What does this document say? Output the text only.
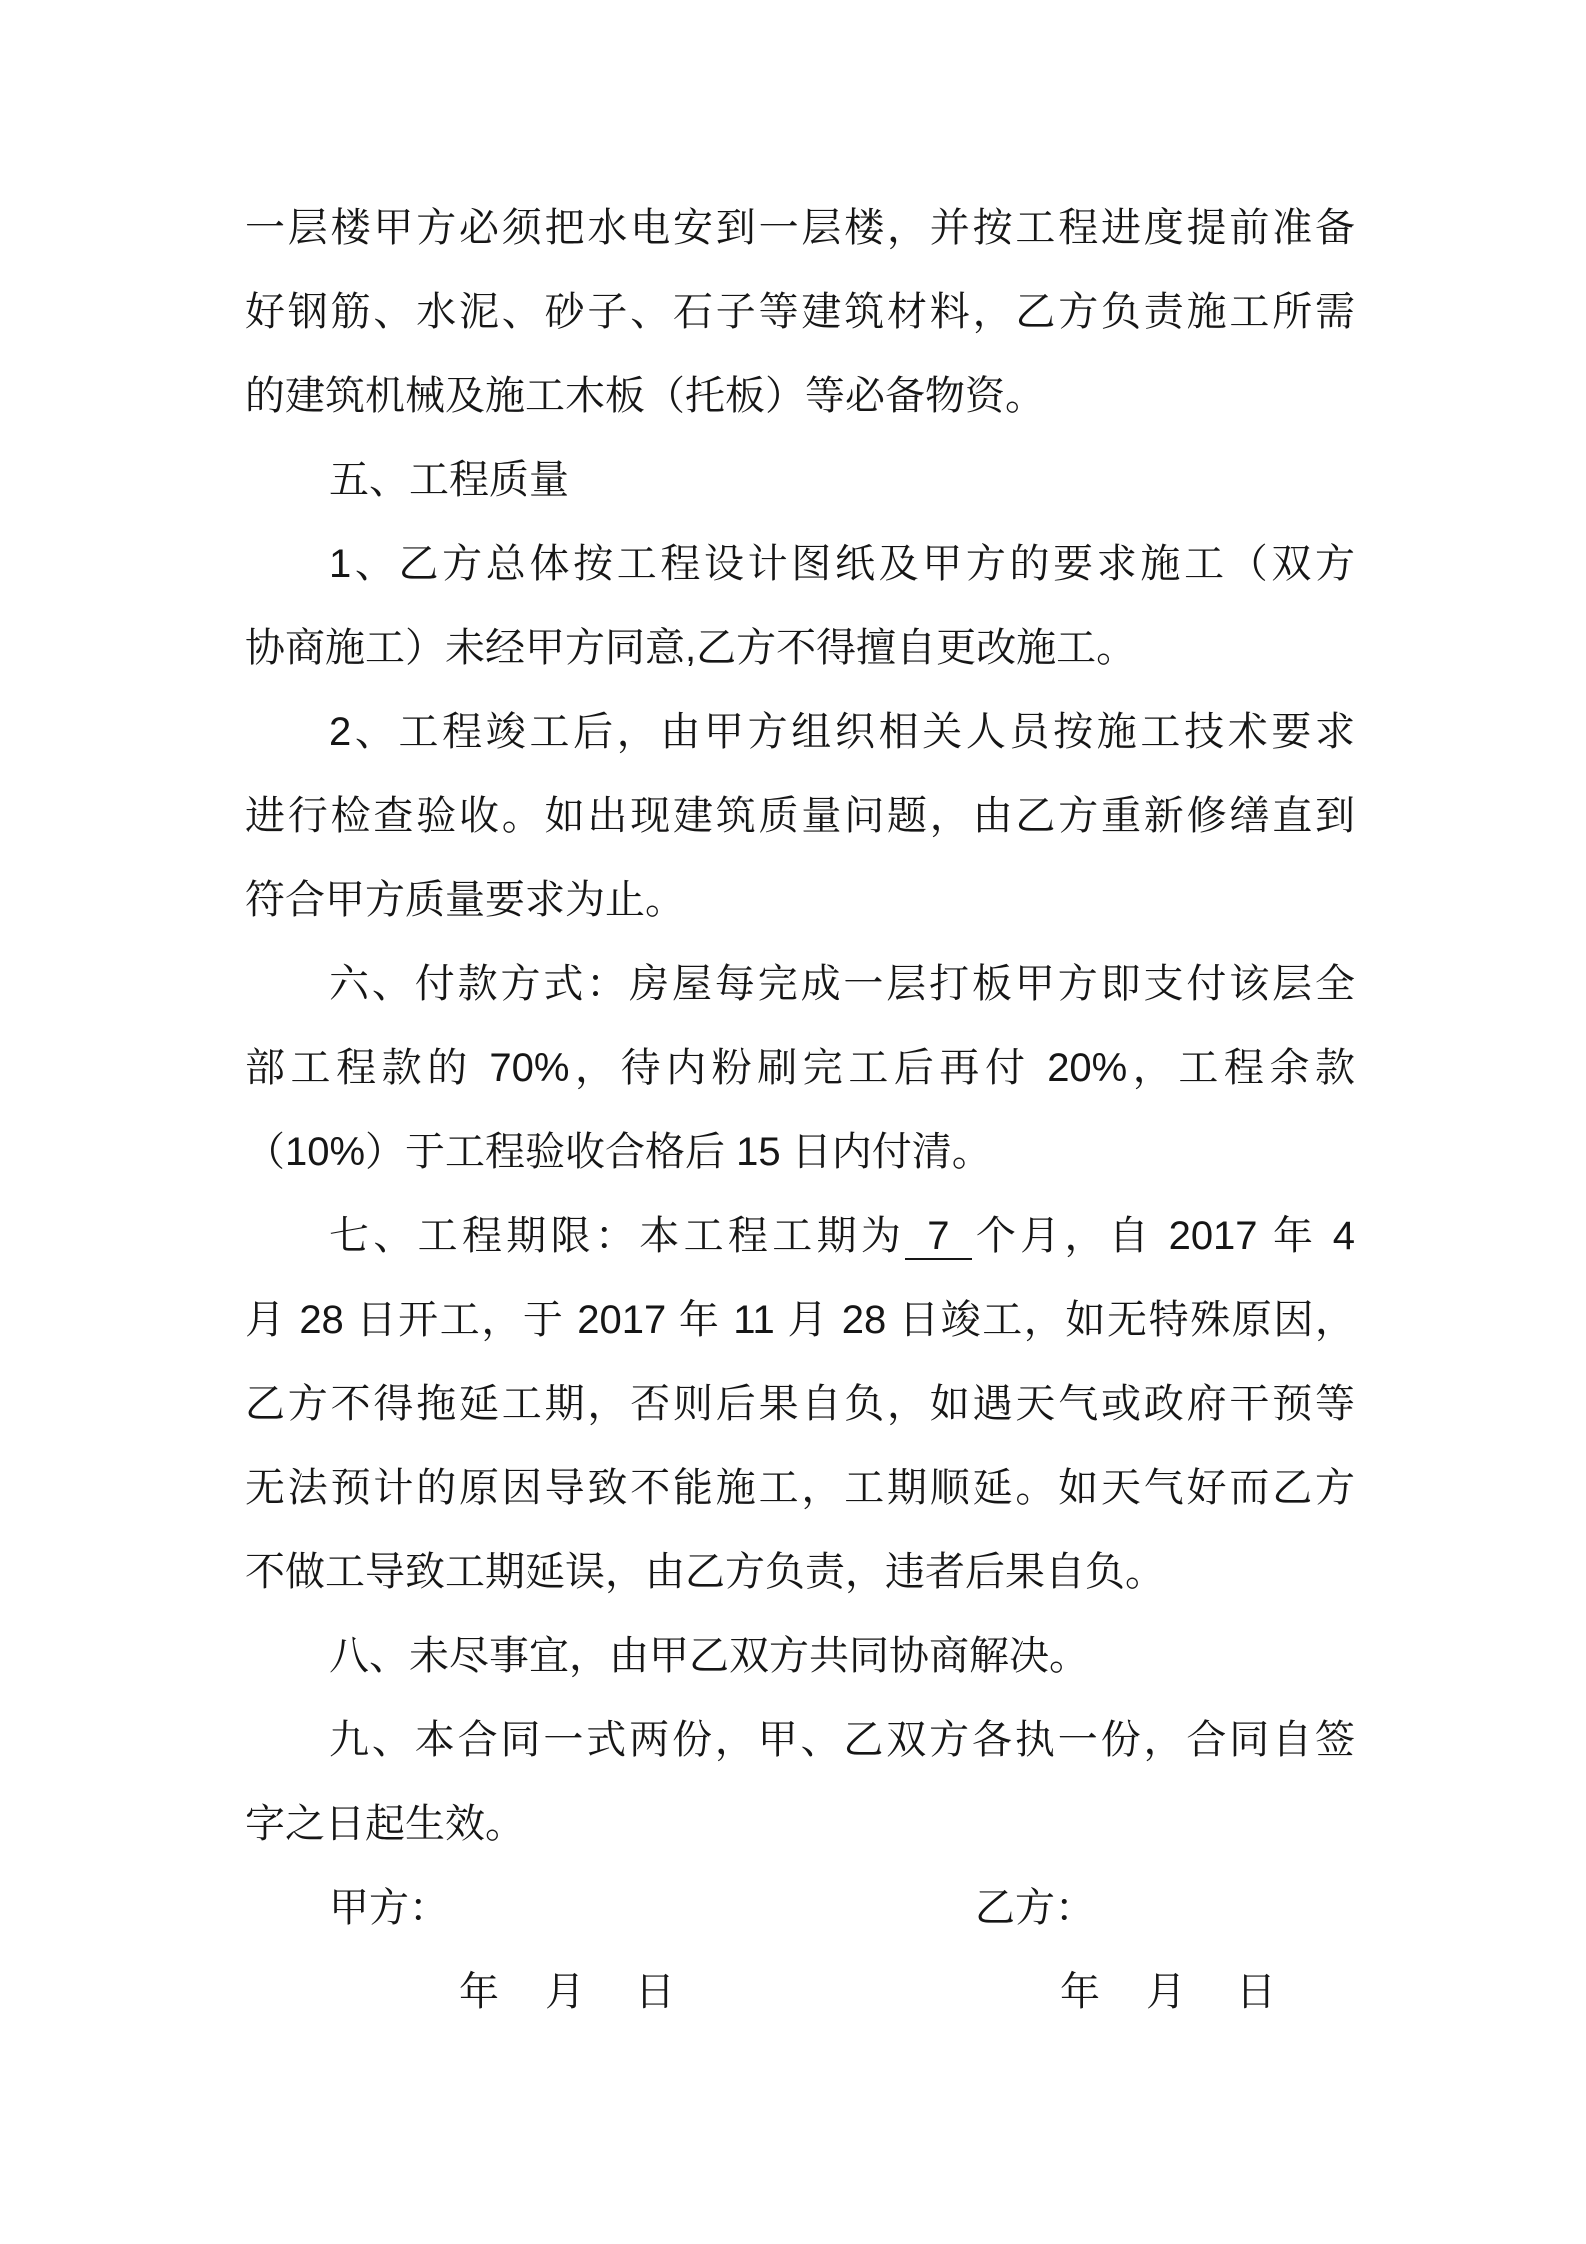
一层楼甲方必须把水电安到一层楼，并按工程进度提前准备
好钢筋、水泥、砂子、石子等建筑材料，乙方负责施工所需
的建筑机械及施工木板（托板）等必备物资。
五、工程质量
1、乙方总体按工程设计图纸及甲方的要求施工（双方
协商施工）未经甲方同意,乙方不得擅自更改施工。
2、工程竣工后，由甲方组织相关人员按施工技术要求
进行检查验收。如出现建筑质量问题，由乙方重新修缮直到
符合甲方质量要求为止。
六、付款方式：房屋每完成一层打板甲方即支付该层全
部工程款的 70%，待内粉刷完工后再付 20%，工程余款
（10%）于工程验收合格后 15 日内付清。
七、工程期限：本工程工期为 7 个月，自 2017 年 4
月 28 日开工，于 2017 年 11 月 28 日竣工，如无特殊原因，
乙方不得拖延工期，否则后果自负，如遇天气或政府干预等
无法预计的原因导致不能施工，工期顺延。如天气好而乙方
不做工导致工期延误，由乙方负责，违者后果自负。
八、未尽事宜，由甲乙双方共同协商解决。
九、本合同一式两份，甲、乙双方各执一份，合同自签
字之日起生效。
甲方：	乙方：
年 月 日	年 月 日
